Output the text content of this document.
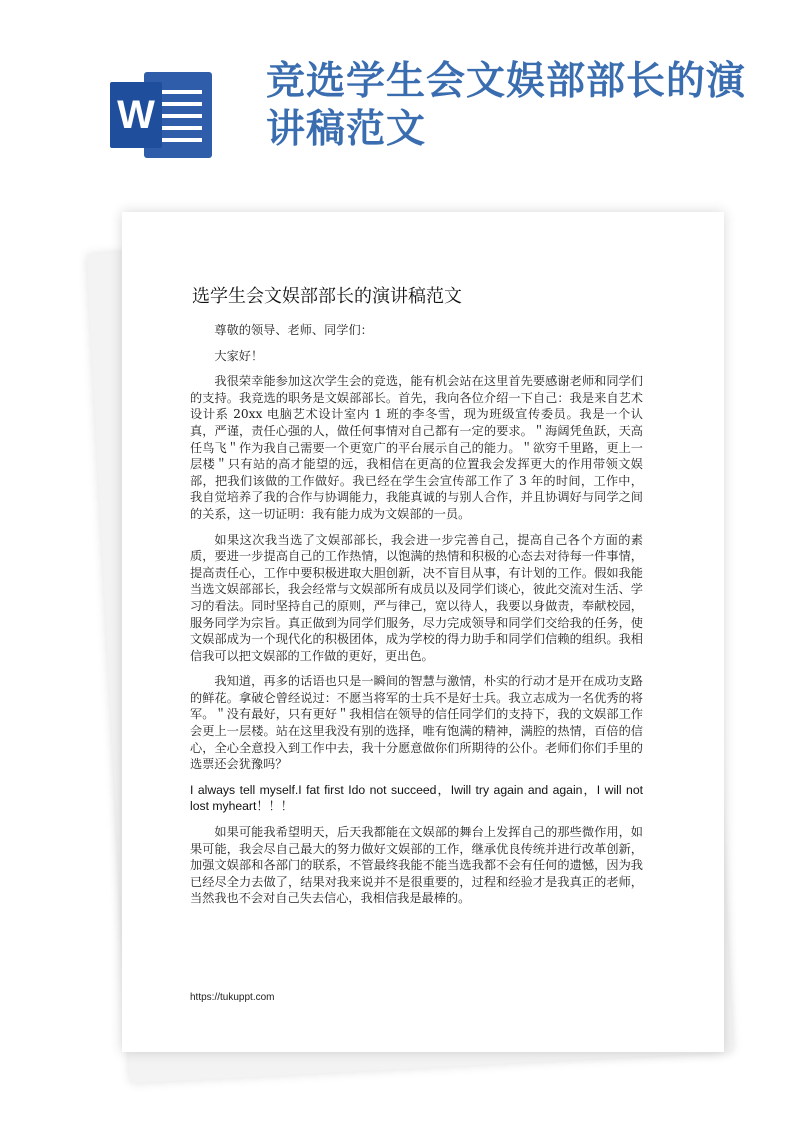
W
竞选学生会文娱部部长的演讲稿范文
选学生会文娱部部长的演讲稿范文

尊敬的领导、老师、同学们：

大家好！

我很荣幸能参加这次学生会的竞选，能有机会站在这里首先要感谢老师和同学们的支持。我竞选的职务是文娱部部长。首先，我向各位介绍一下自己：我是来自艺术设计系 20xx 电脑艺术设计室内 1 班的李冬雪，现为班级宣传委员。我是一个认真，严谨，责任心强的人，做任何事情对自己都有一定的要求。＂海阔凭鱼跃，天高任鸟飞＂作为我自己需要一个更宽广的平台展示自己的能力。＂欲穷千里路，更上一层楼＂只有站的高才能望的远，我相信在更高的位置我会发挥更大的作用带领文娱部，把我们该做的工作做好。我已经在学生会宣传部工作了 3 年的时间，工作中，我自觉培养了我的合作与协调能力，我能真诚的与别人合作，并且协调好与同学之间的关系，这一切证明：我有能力成为文娱部的一员。

如果这次我当选了文娱部部长，我会进一步完善自己，提高自己各个方面的素质，要进一步提高自己的工作热情，以饱满的热情和积极的心态去对待每一件事情，提高责任心，工作中要积极进取大胆创新，决不盲目从事，有计划的工作。假如我能当选文娱部部长，我会经常与文娱部所有成员以及同学们谈心，彼此交流对生活、学习的看法。同时坚持自己的原则，严与律己，宽以待人，我要以身做责，奉献校园，服务同学为宗旨。真正做到为同学们服务，尽力完成领导和同学们交给我的任务，使文娱部成为一个现代化的积极团体，成为学校的得力助手和同学们信赖的组织。我相信我可以把文娱部的工作做的更好，更出色。

我知道，再多的话语也只是一瞬间的智慧与激情，朴实的行动才是开在成功支路的鲜花。拿破仑曾经说过：不愿当将军的士兵不是好士兵。我立志成为一名优秀的将军。＂没有最好，只有更好＂我相信在领导的信任同学们的支持下，我的文娱部工作会更上一层楼。站在这里我没有别的选择，唯有饱满的精神，满腔的热情，百倍的信心，全心全意投入到工作中去，我十分愿意做你们所期待的公仆。老师们你们手里的选票还会犹豫吗？

I always tell myself.I fat first Ido not succeed，Iwill try again and again，I will not lost myheart！！！

如果可能我希望明天，后天我都能在文娱部的舞台上发挥自己的那些微作用，如果可能，我会尽自己最大的努力做好文娱部的工作，继承优良传统并进行改革创新，加强文娱部和各部门的联系，不管最终我能不能当选我都不会有任何的遗憾，因为我已经尽全力去做了，结果对我来说并不是很重要的，过程和经验才是我真正的老师，当然我也不会对自己失去信心，我相信我是最棒的。

https://tukuppt.com
